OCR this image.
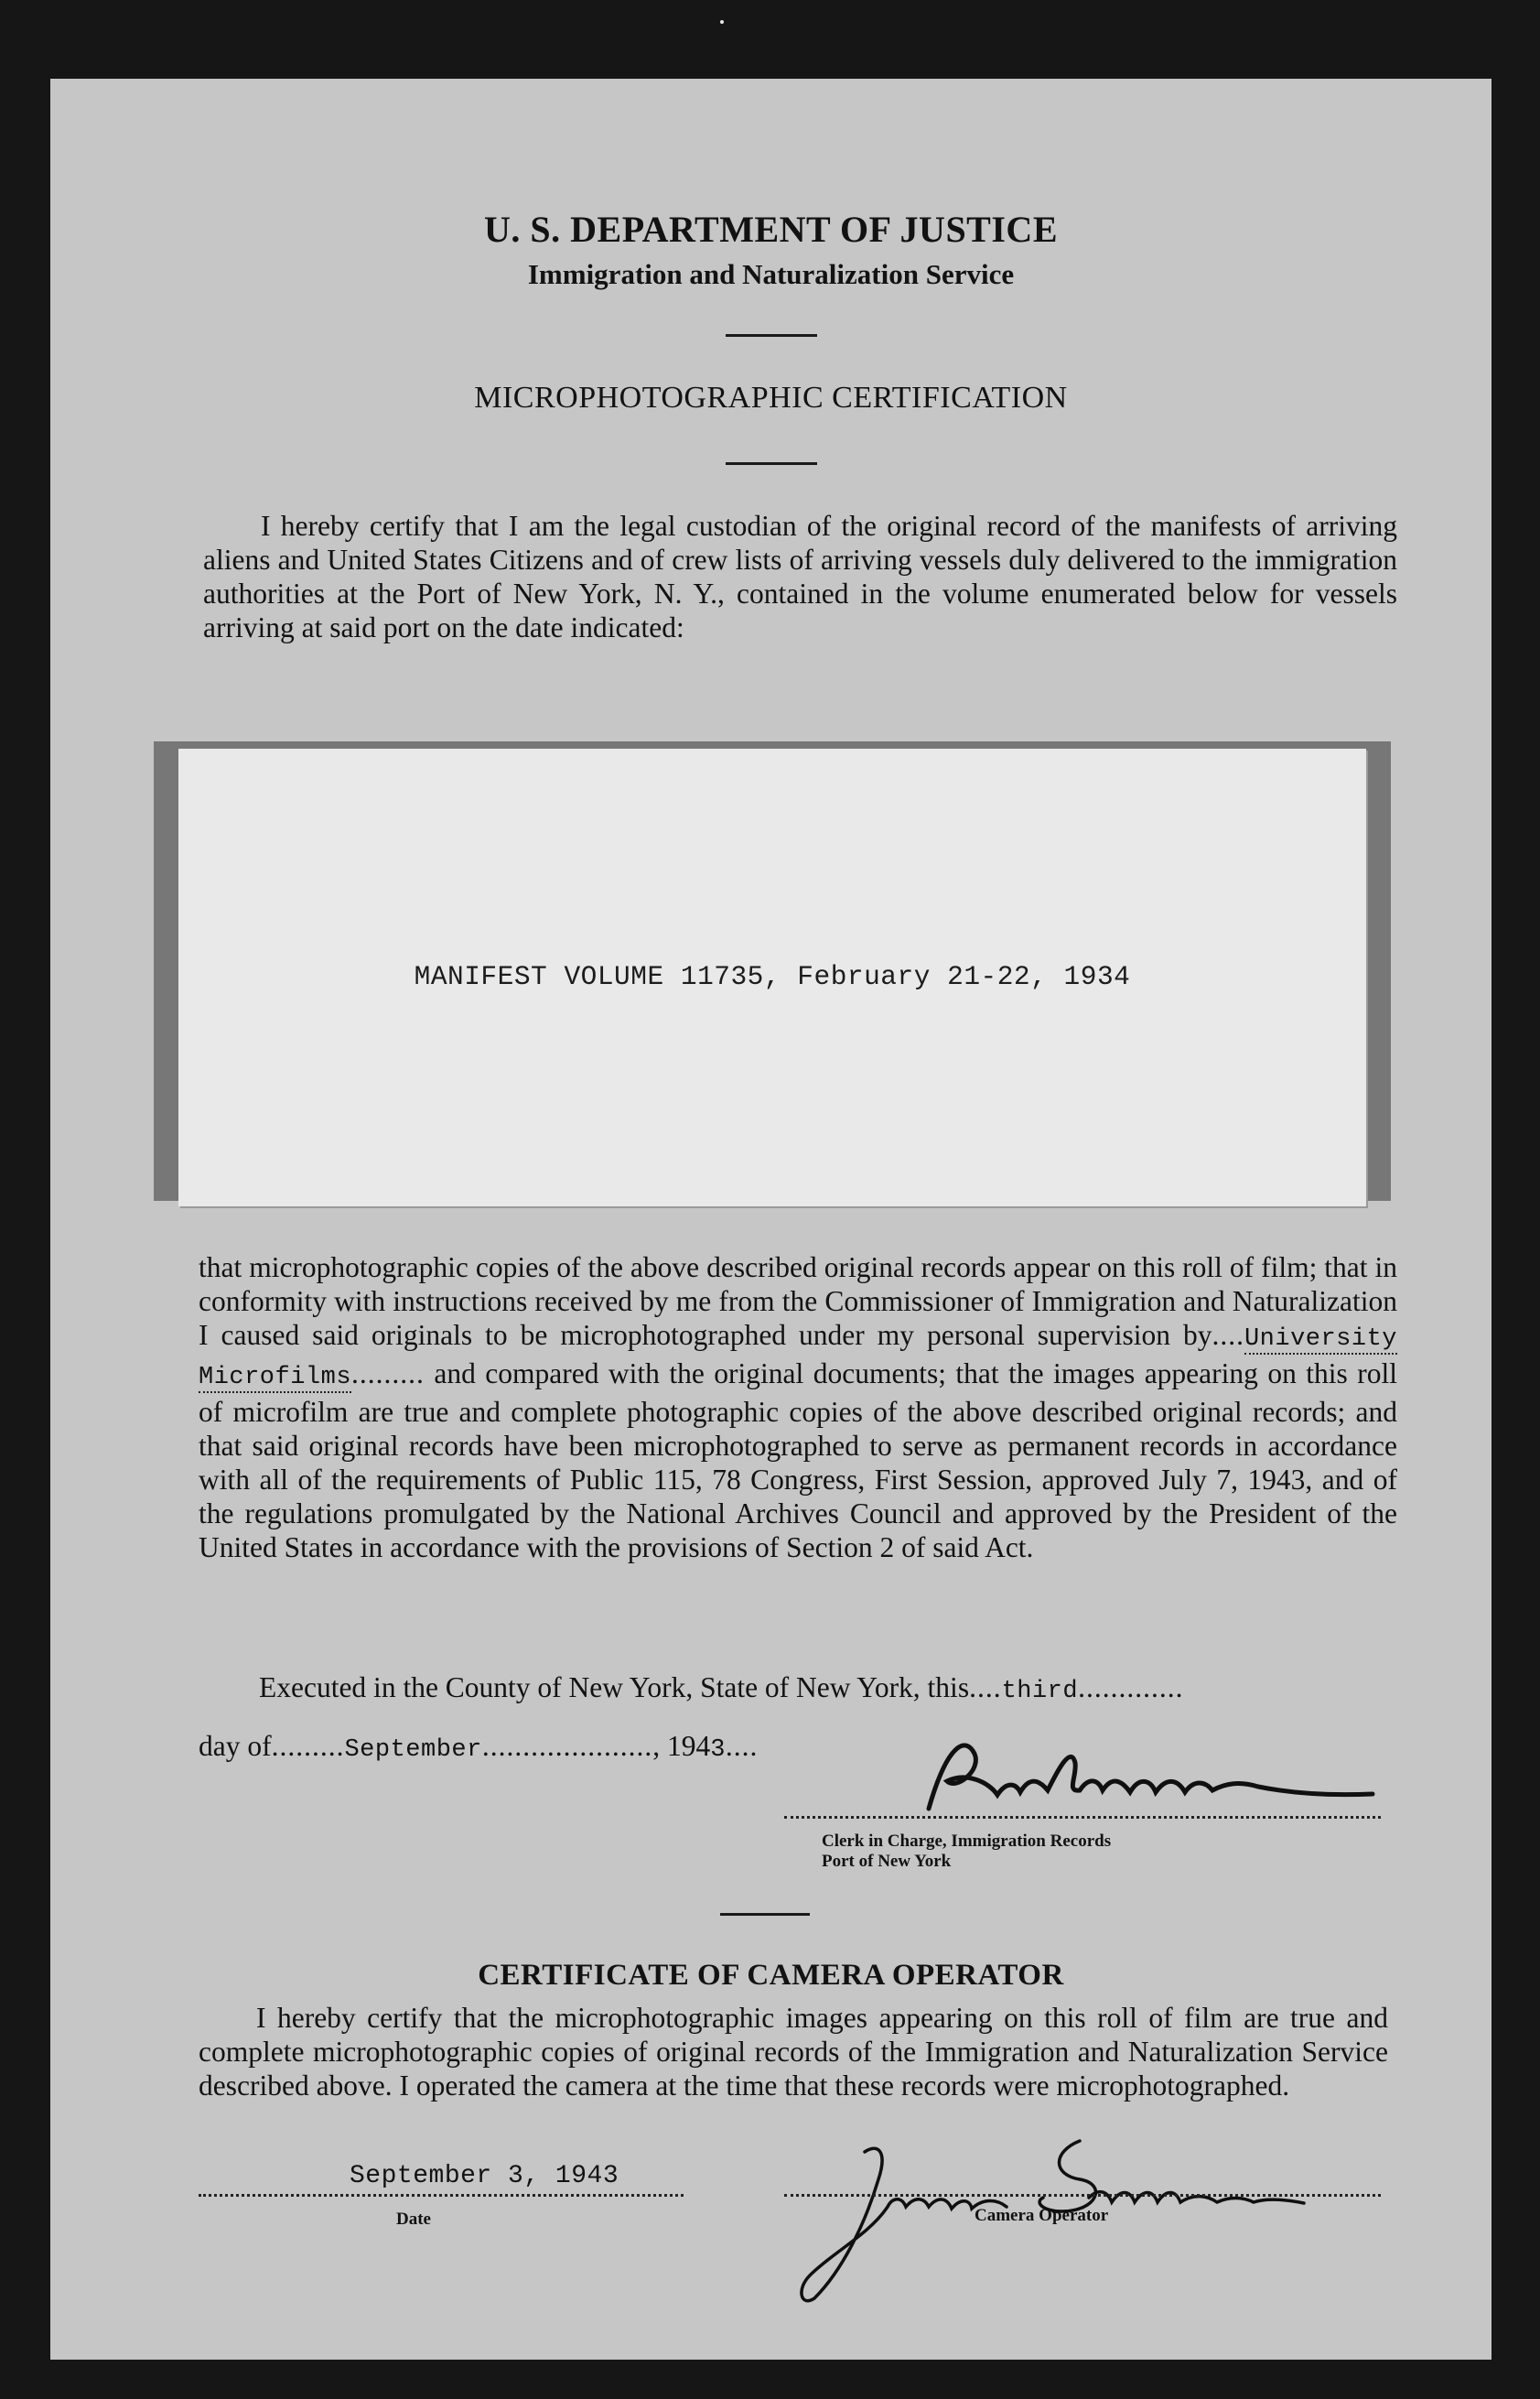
U. S. DEPARTMENT OF JUSTICE
Immigration and Naturalization Service
MICROPHOTOGRAPHIC CERTIFICATION
I hereby certify that I am the legal custodian of the original record of the manifests of arriving aliens and United States Citizens and of crew lists of arriving vessels duly delivered to the immigration authorities at the Port of New York, N. Y., contained in the volume enumerated below for vessels arriving at said port on the date indicated:
MANIFEST VOLUME 11735, February 21-22, 1934
that microphotographic copies of the above described original records appear on this roll of film; that in conformity with instructions received by me from the Commissioner of Immigration and Naturalization I caused said originals to be microphotographed under my personal supervision by....University Microfilms......... and compared with the original documents; that the images appearing on this roll of microfilm are true and complete photographic copies of the above described original records; and that said original records have been microphotographed to serve as permanent records in accordance with all of the requirements of Public 115, 78 Congress, First Session, approved July 7, 1943, and of the regulations promulgated by the National Archives Council and approved by the President of the United States in accordance with the provisions of Section 2 of said Act.
Executed in the County of New York, State of New York, this....third.............
day of.........September....................., 1943....
Clerk in Charge, Immigration Records
Port of New York
CERTIFICATE OF CAMERA OPERATOR
I hereby certify that the microphotographic images appearing on this roll of film are true and complete microphotographic copies of original records of the Immigration and Naturalization Service described above. I operated the camera at the time that these records were microphotographed.
September 3, 1943
Date	Camera Operator
